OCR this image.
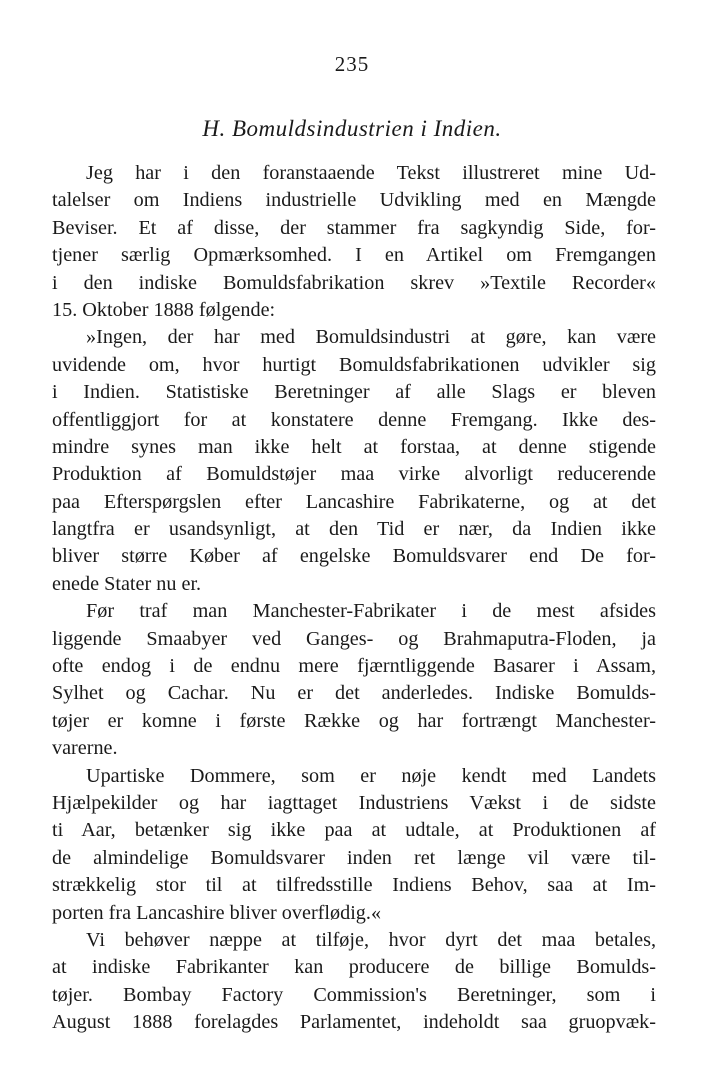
235
H. Bomuldsindustrien i Indien.
Jeg har i den foranstaaende Tekst illustreret mine Ud-
talelser om Indiens industrielle Udvikling med en Mængde
Beviser. Et af disse, der stammer fra sagkyndig Side, for-
tjener særlig Opmærksomhed. I en Artikel om Fremgangen
i den indiske Bomuldsfabrikation skrev »Textile Recorder«
15. Oktober 1888 følgende:
»Ingen, der har med Bomuldsindustri at gøre, kan være
uvidende om, hvor hurtigt Bomuldsfabrikationen udvikler sig
i Indien. Statistiske Beretninger af alle Slags er bleven
offentliggjort for at konstatere denne Fremgang. Ikke des-
mindre synes man ikke helt at forstaa, at denne stigende
Produktion af Bomuldstøjer maa virke alvorligt reducerende
paa Efterspørgslen efter Lancashire Fabrikaterne, og at det
langtfra er usandsynligt, at den Tid er nær, da Indien ikke
bliver større Køber af engelske Bomuldsvarer end De for-
enede Stater nu er.
Før traf man Manchester-Fabrikater i de mest afsides
liggende Smaabyer ved Ganges- og Brahmaputra-Floden, ja
ofte endog i de endnu mere fjærntliggende Basarer i Assam,
Sylhet og Cachar. Nu er det anderledes. Indiske Bomulds-
tøjer er komne i første Række og har fortrængt Manchester-
varerne.
Upartiske Dommere, som er nøje kendt med Landets
Hjælpekilder og har iagttaget Industriens Vækst i de sidste
ti Aar, betænker sig ikke paa at udtale, at Produktionen af
de almindelige Bomuldsvarer inden ret længe vil være til-
strækkelig stor til at tilfredsstille Indiens Behov, saa at Im-
porten fra Lancashire bliver overflødig.«
Vi behøver næppe at tilføje, hvor dyrt det maa betales,
at indiske Fabrikanter kan producere de billige Bomulds-
tøjer. Bombay Factory Commission's Beretninger, som i
August 1888 forelagdes Parlamentet, indeholdt saa gruopvæk-
